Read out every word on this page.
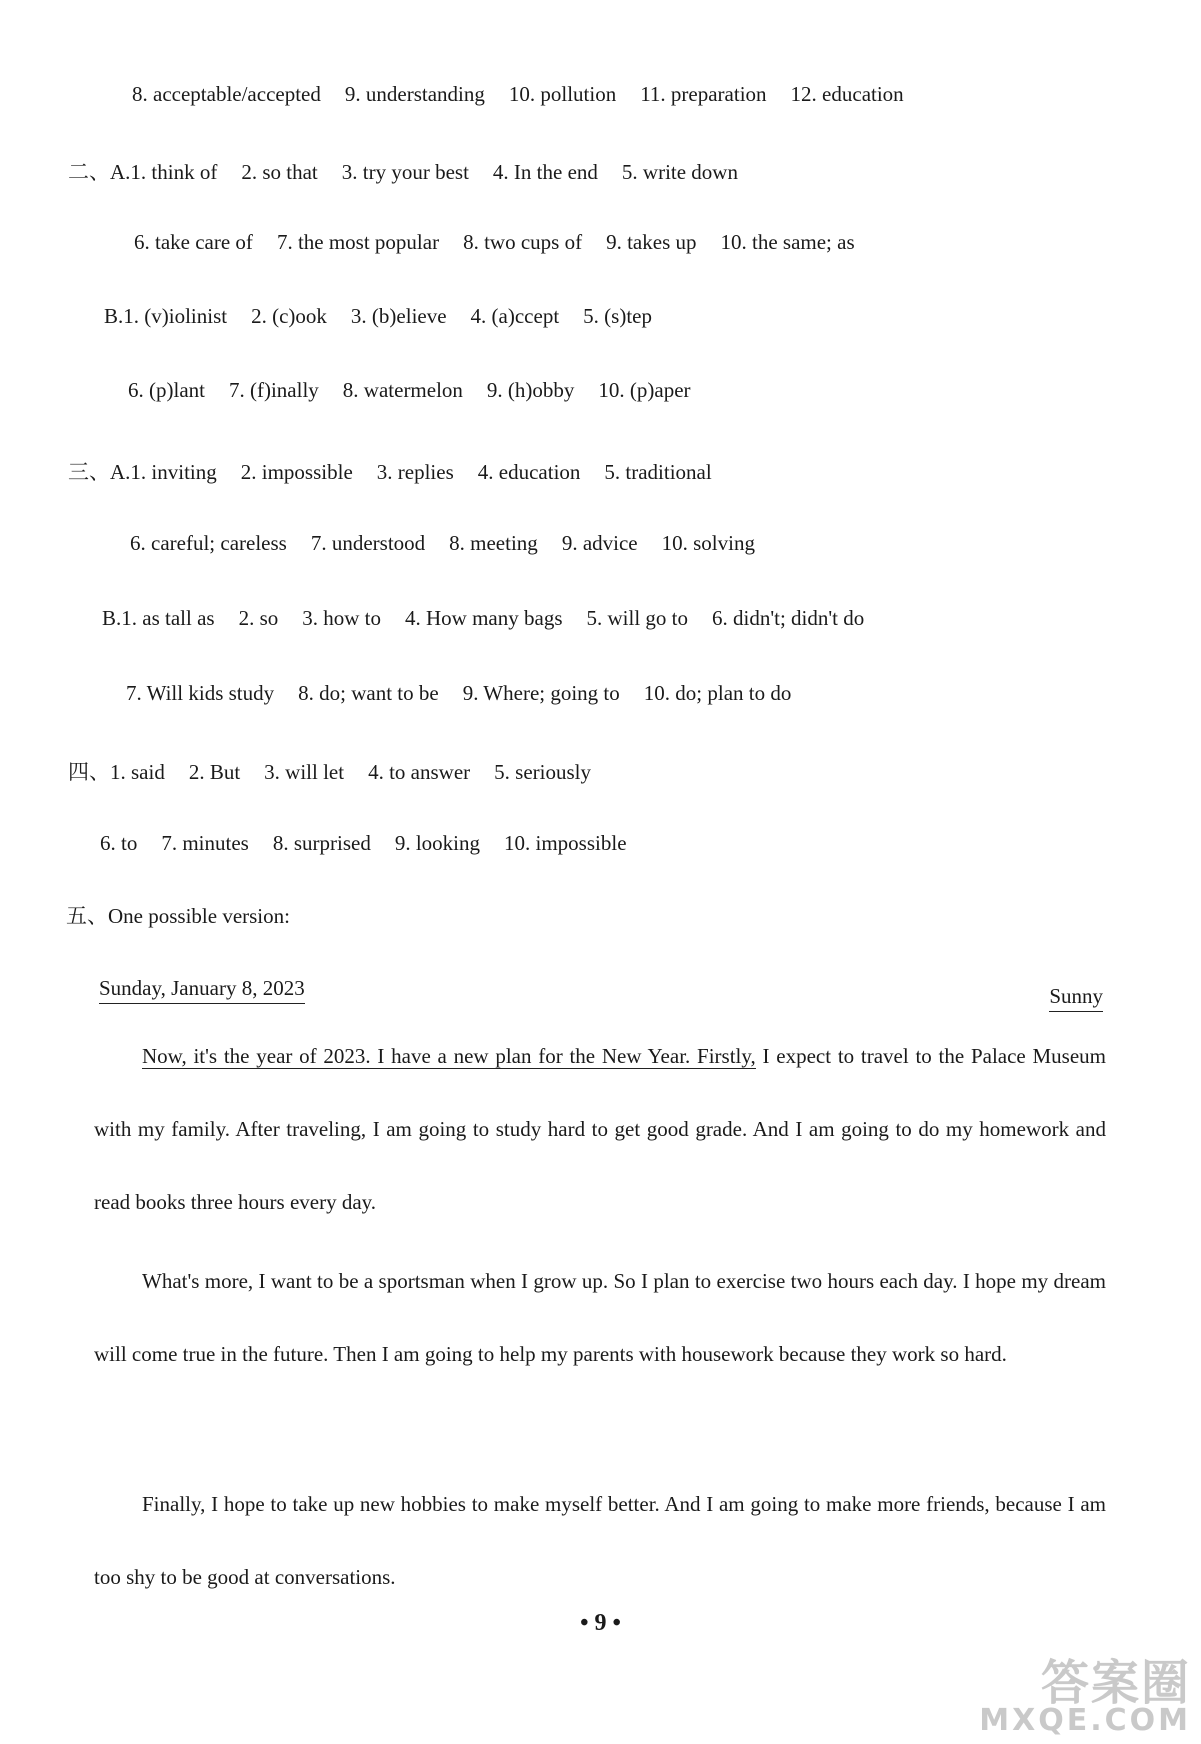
8. acceptable/accepted 9. understanding 10. pollution 11. preparation 12. education
二、A.1. think of 2. so that 3. try your best 4. In the end 5. write down
6. take care of 7. the most popular 8. two cups of 9. takes up 10. the same; as
B.1. (v)iolinist 2. (c)ook 3. (b)elieve 4. (a)ccept 5. (s)tep
6. (p)lant 7. (f)inally 8. watermelon 9. (h)obby 10. (p)aper
三、A.1. inviting 2. impossible 3. replies 4. education 5. traditional
6. careful; careless 7. understood 8. meeting 9. advice 10. solving
B.1. as tall as 2. so 3. how to 4. How many bags 5. will go to 6. didn't; didn't do
7. Will kids study 8. do; want to be 9. Where; going to 10. do; plan to do
四、1. said 2. But 3. will let 4. to answer 5. seriously
6. to 7. minutes 8. surprised 9. looking 10. impossible
五、One possible version:
Sunday, January 8, 2023	Sunny
Now, it's the year of 2023. I have a new plan for the New Year. Firstly, I expect to travel to the Palace Museum with my family. After traveling, I am going to study hard to get good grade. And I am going to do my homework and read books three hours every day.
What's more, I want to be a sportsman when I grow up. So I plan to exercise two hours each day. I hope my dream will come true in the future. Then I am going to help my parents with housework because they work so hard.
Finally, I hope to take up new hobbies to make myself better. And I am going to make more friends, because I am too shy to be good at conversations.
• 9 •
答案圈
MXQE.COM
